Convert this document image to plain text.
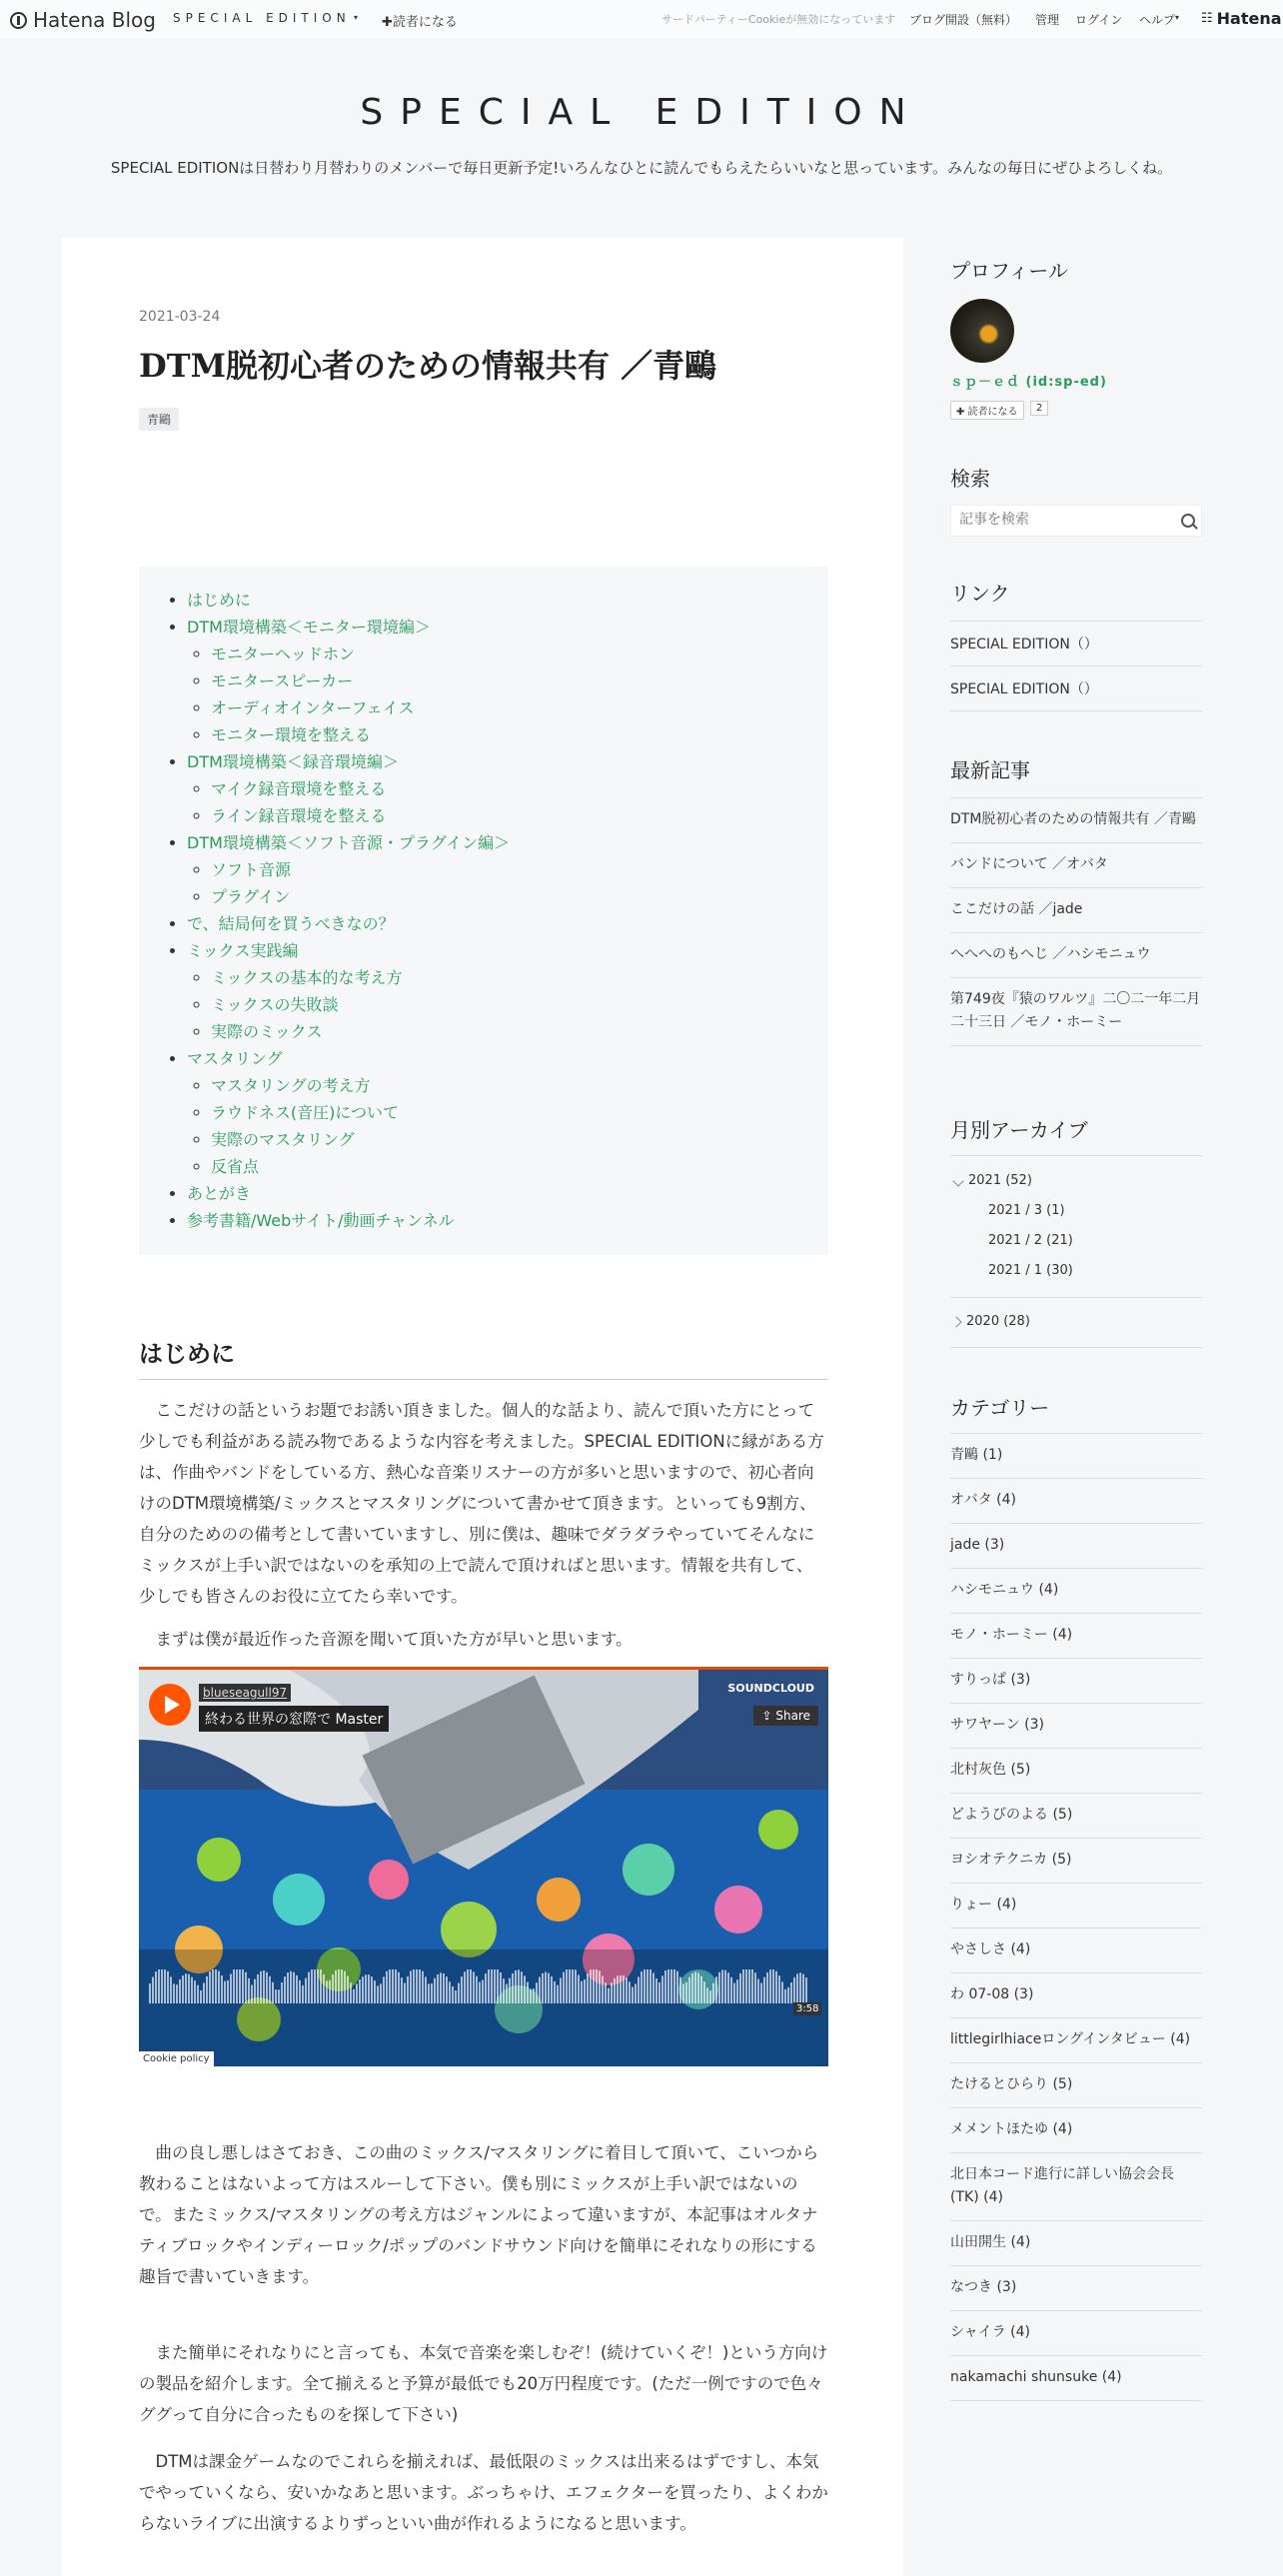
Hatena Blog SPECIAL EDITION ▾ ✚読者になる	サードパーティーCookieが無効になっています ブログ開設（無料） 管理 ログイン ヘルプ ▾ ☷ Hatena
SPECIAL EDITION
SPECIAL EDITIONは日替わり月替わりのメンバーで毎日更新予定!いろんなひとに読んでもらえたらいいなと思っています。みんなの毎日にぜひよろしくね。
2021-03-24
DTM脱初心者のための情報共有 ／青鷗
青鷗
• はじめに
• DTM環境構築＜モニター環境編＞
◦ モニターヘッドホン
◦ モニタースピーカー
◦ オーディオインターフェイス
◦ モニター環境を整える
• DTM環境構築＜録音環境編＞
◦ マイク録音環境を整える
◦ ライン録音環境を整える
• DTM環境構築＜ソフト音源・プラグイン編＞
◦ ソフト音源
◦ プラグイン
• で、結局何を買うべきなの？
• ミックス実践編
◦ ミックスの基本的な考え方
◦ ミックスの失敗談
◦ 実際のミックス
• マスタリング
◦ マスタリングの考え方
◦ ラウドネス(音圧)について
◦ 実際のマスタリング
◦ 反省点
• あとがき
• 参考書籍/Webサイト/動画チャンネル
はじめに

ここだけの話というお題でお誘い頂きました。個人的な話より、読んで頂いた方にとって少しでも利益がある読み物であるような内容を考えました。SPECIAL EDITIONに縁がある方は、作曲やバンドをしている方、熱心な音楽リスナーの方が多いと思いますので、初心者向けのDTM環境構築/ミックスとマスタリングについて書かせて頂きます。といっても9割方、自分のためのの備考として書いていますし、別に僕は、趣味でダラダラやっていてそんなにミックスが上手い訳ではないのを承知の上で読んで頂ければと思います。情報を共有して、少しでも皆さんのお役に立てたら幸いです。

まずは僕が最近作った音源を聞いて頂いた方が早いと思います。

blueseagull97
終わる世界の窓際で Master
SOUNDCLOUD
⇪ Share
3:58
Cookie policy

曲の良し悪しはさておき、この曲のミックス/マスタリングに着目して頂いて、こいつから教わることはないよって方はスルーして下さい。僕も別にミックスが上手い訳ではないので。またミックス/マスタリングの考え方はジャンルによって違いますが、本記事はオルタナティブロックやインディーロック/ポップのバンドサウンド向けを簡単にそれなりの形にする趣旨で書いていきます。

また簡単にそれなりにと言っても、本気で音楽を楽しむぞ！(続けていくぞ！)という方向けの製品を紹介します。全て揃えると予算が最低でも20万円程度です。(ただ一例ですので色々ググって自分に合ったものを探して下さい)

DTMは課金ゲームなのでこれらを揃えれば、最低限のミックスは出来るはずですし、本気でやっていくなら、安いかなあと思います。ぶっちゃけ、エフェクターを買ったり、よくわからないライブに出演するよりずっといい曲が作れるようになると思います。

プロフィール
ｓｐ－ｅｄ (id:sp-ed)
✚ 読者になる	2
検索
記事を検索
リンク
SPECIAL EDITION（）
SPECIAL EDITION（）
最新記事
DTM脱初心者のための情報共有 ／青鷗
バンドについて ／オバタ
ここだけの話 ／jade
へへへのもへじ ／ハシモニュウ
第749夜『猿のワルツ』二〇二一年二月二十三日 ／モノ・ホーミー
月別アーカイブ
2021 (52)
2021 / 3 (1)
2021 / 2 (21)
2021 / 1 (30)
2020 (28)
カテゴリー
青鷗 (1)
オバタ (4)
jade (3)
ハシモニュウ (4)
モノ・ホーミー (4)
すりっぱ (3)
サワヤーン (3)
北村灰色 (5)
どようびのよる (5)
ヨシオテクニカ (5)
りょー (4)
やさしさ (4)
わ 07-08 (3)
littlegirlhiaceロングインタビュー (4)
たけるとひらり (5)
メメントほたゆ (4)
北日本コード進行に詳しい協会会長(TK) (4)
山田開生 (4)
なつき (3)
シャイラ (4)
nakamachi shunsuke (4)
